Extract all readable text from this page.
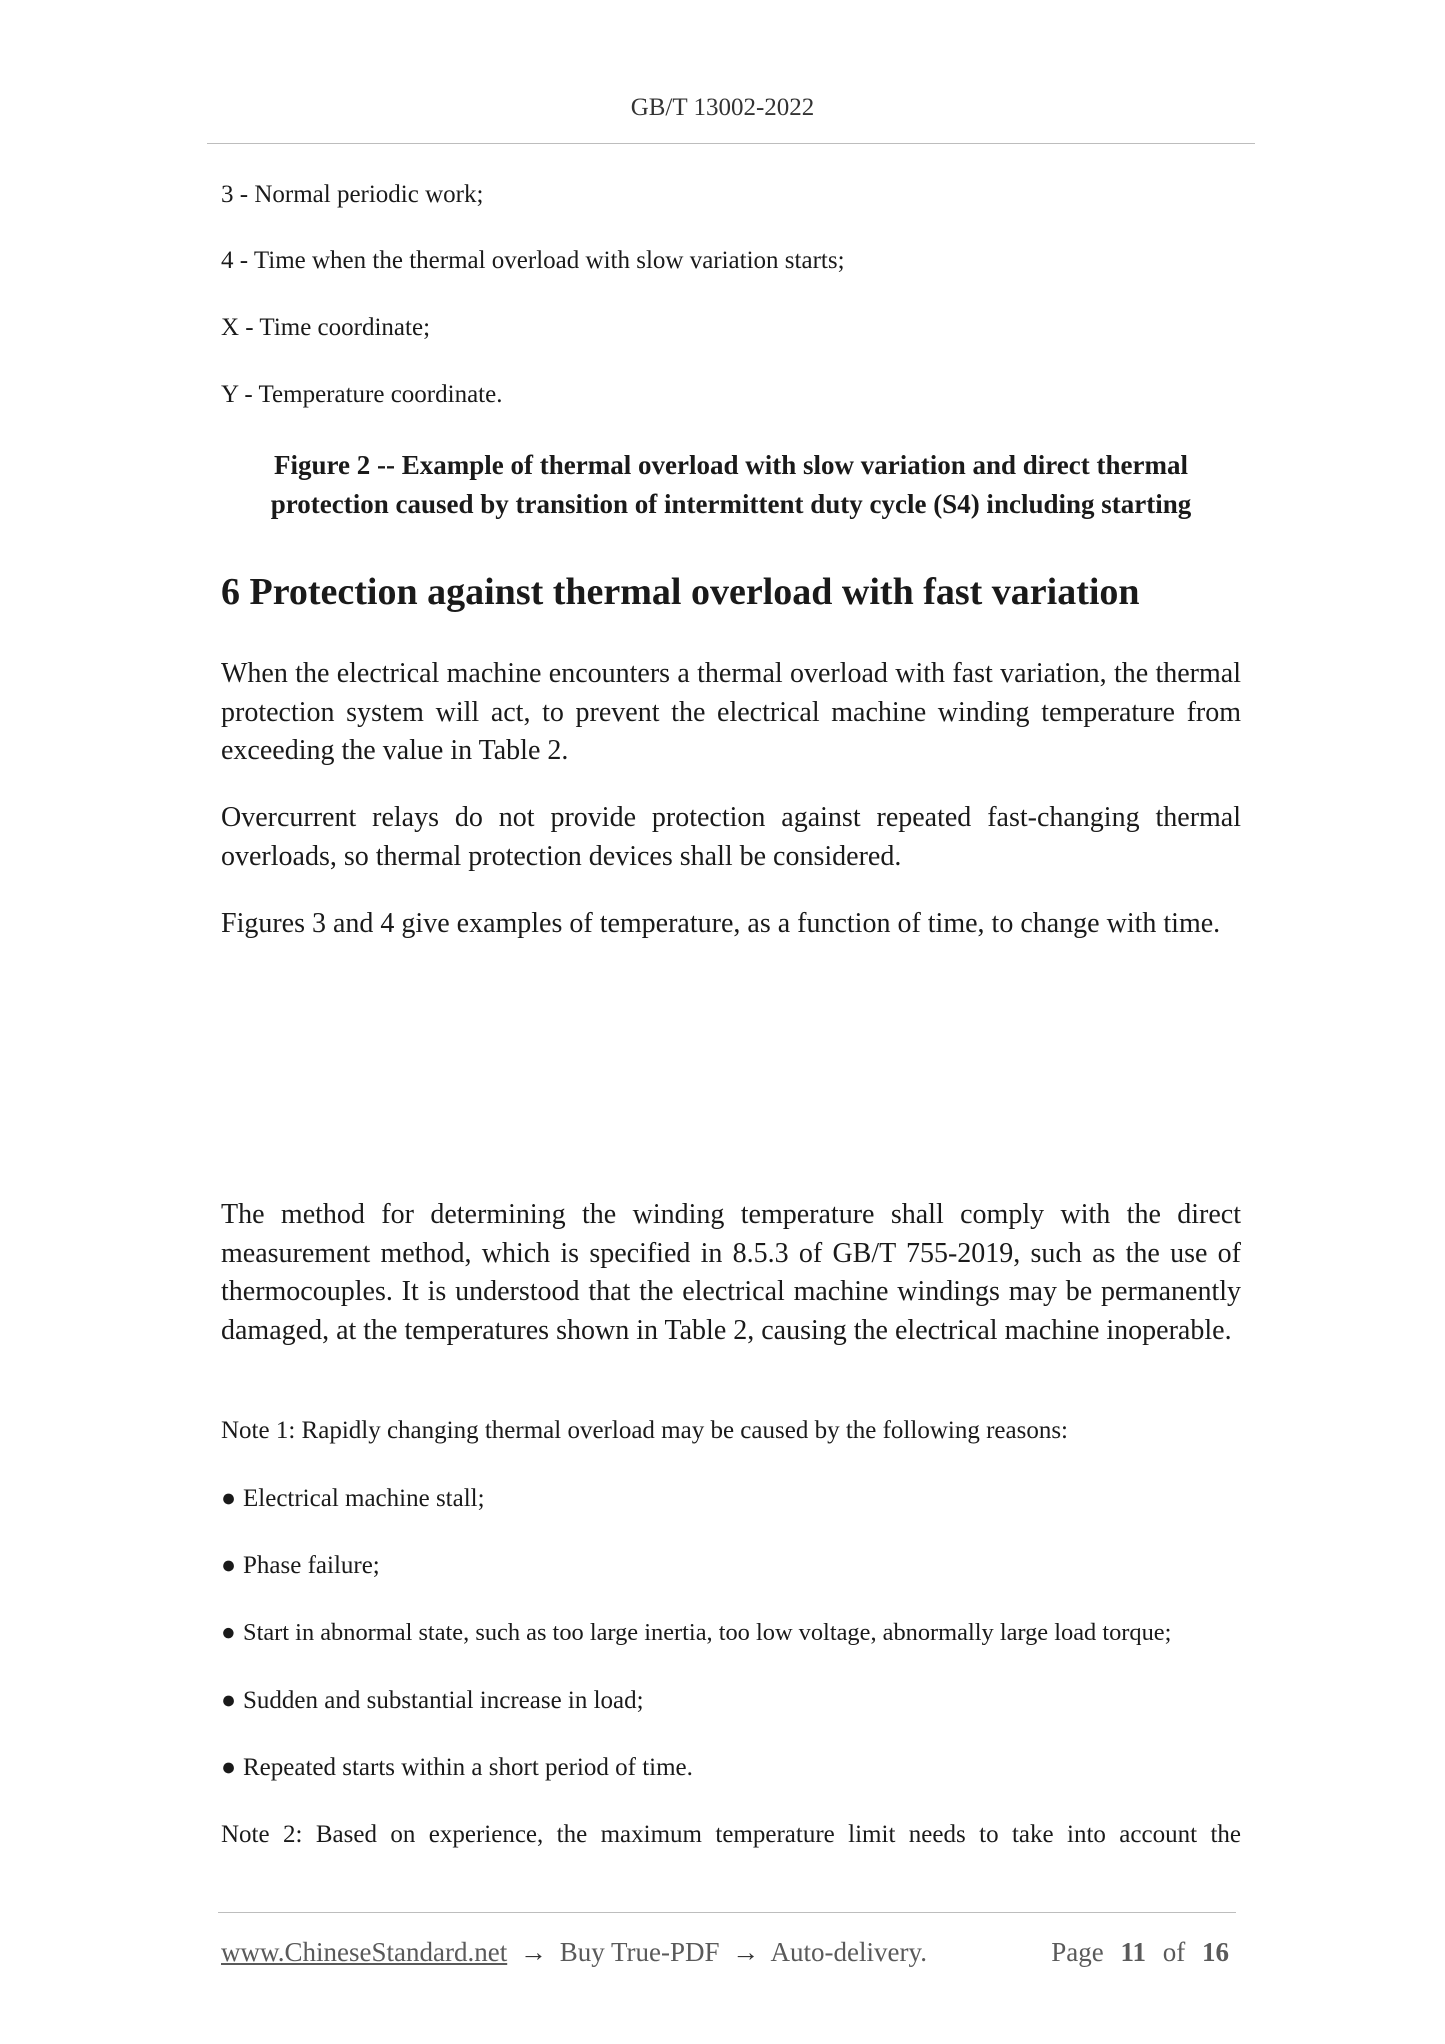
GB/T 13002-2022
3 - Normal periodic work;
4 - Time when the thermal overload with slow variation starts;
X - Time coordinate;
Y - Temperature coordinate.
Figure 2 -- Example of thermal overload with slow variation and direct thermal
protection caused by transition of intermittent duty cycle (S4) including starting
6 Protection against thermal overload with fast variation
When the electrical machine encounters a thermal overload with fast variation, the thermal protection system will act, to prevent the electrical machine winding temperature from exceeding the value in Table 2.
Overcurrent relays do not provide protection against repeated fast-changing thermal overloads, so thermal protection devices shall be considered.
Figures 3 and 4 give examples of temperature, as a function of time, to change with time.
The method for determining the winding temperature shall comply with the direct measurement method, which is specified in 8.5.3 of GB/T 755-2019, such as the use of thermocouples. It is understood that the electrical machine windings may be permanently damaged, at the temperatures shown in Table 2, causing the electrical machine inoperable.
Note 1: Rapidly changing thermal overload may be caused by the following reasons:
● Electrical machine stall;
● Phase failure;
● Start in abnormal state, such as too large inertia, too low voltage, abnormally large load torque;
● Sudden and substantial increase in load;
● Repeated starts within a short period of time.
Note 2: Based on experience, the maximum temperature limit needs to take into account the
www.ChineseStandard.net → Buy True-PDF → Auto-delivery.	Page 11 of 16
